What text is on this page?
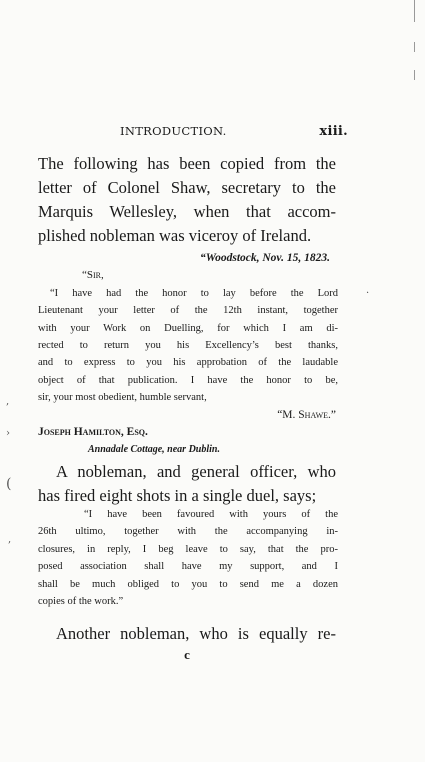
INTRODUCTION.	xiii.
The following has been copied from the
letter of Colonel Shaw, secretary to the
Marquis Wellesley, when that accom-
plished nobleman was viceroy of Ireland.
“Woodstock, Nov. 15, 1823.
“Sir,
“I have had the honor to lay before the Lord
Lieutenant your letter of the 12th instant, together
with your Work on Duelling, for which I am di-
rected to return you his Excellency’s best thanks,
and to express to you his approbation of the laudable
object of that publication. I have the honor to be,
sir, your most obedient, humble servant,
“M. Shawe.”
Joseph Hamilton, Esq.
Annadale Cottage, near Dublin.
A nobleman, and general officer, who
has fired eight shots in a single duel, says;
“I have been favoured with yours of the
26th ultimo, together with the accompanying in-
closures, in reply, I beg leave to say, that the pro-
posed association shall have my support, and I
shall be much obliged to you to send me a dozen
copies of the work.”
Another nobleman, who is equally re-
c
,
›
(
,
·
